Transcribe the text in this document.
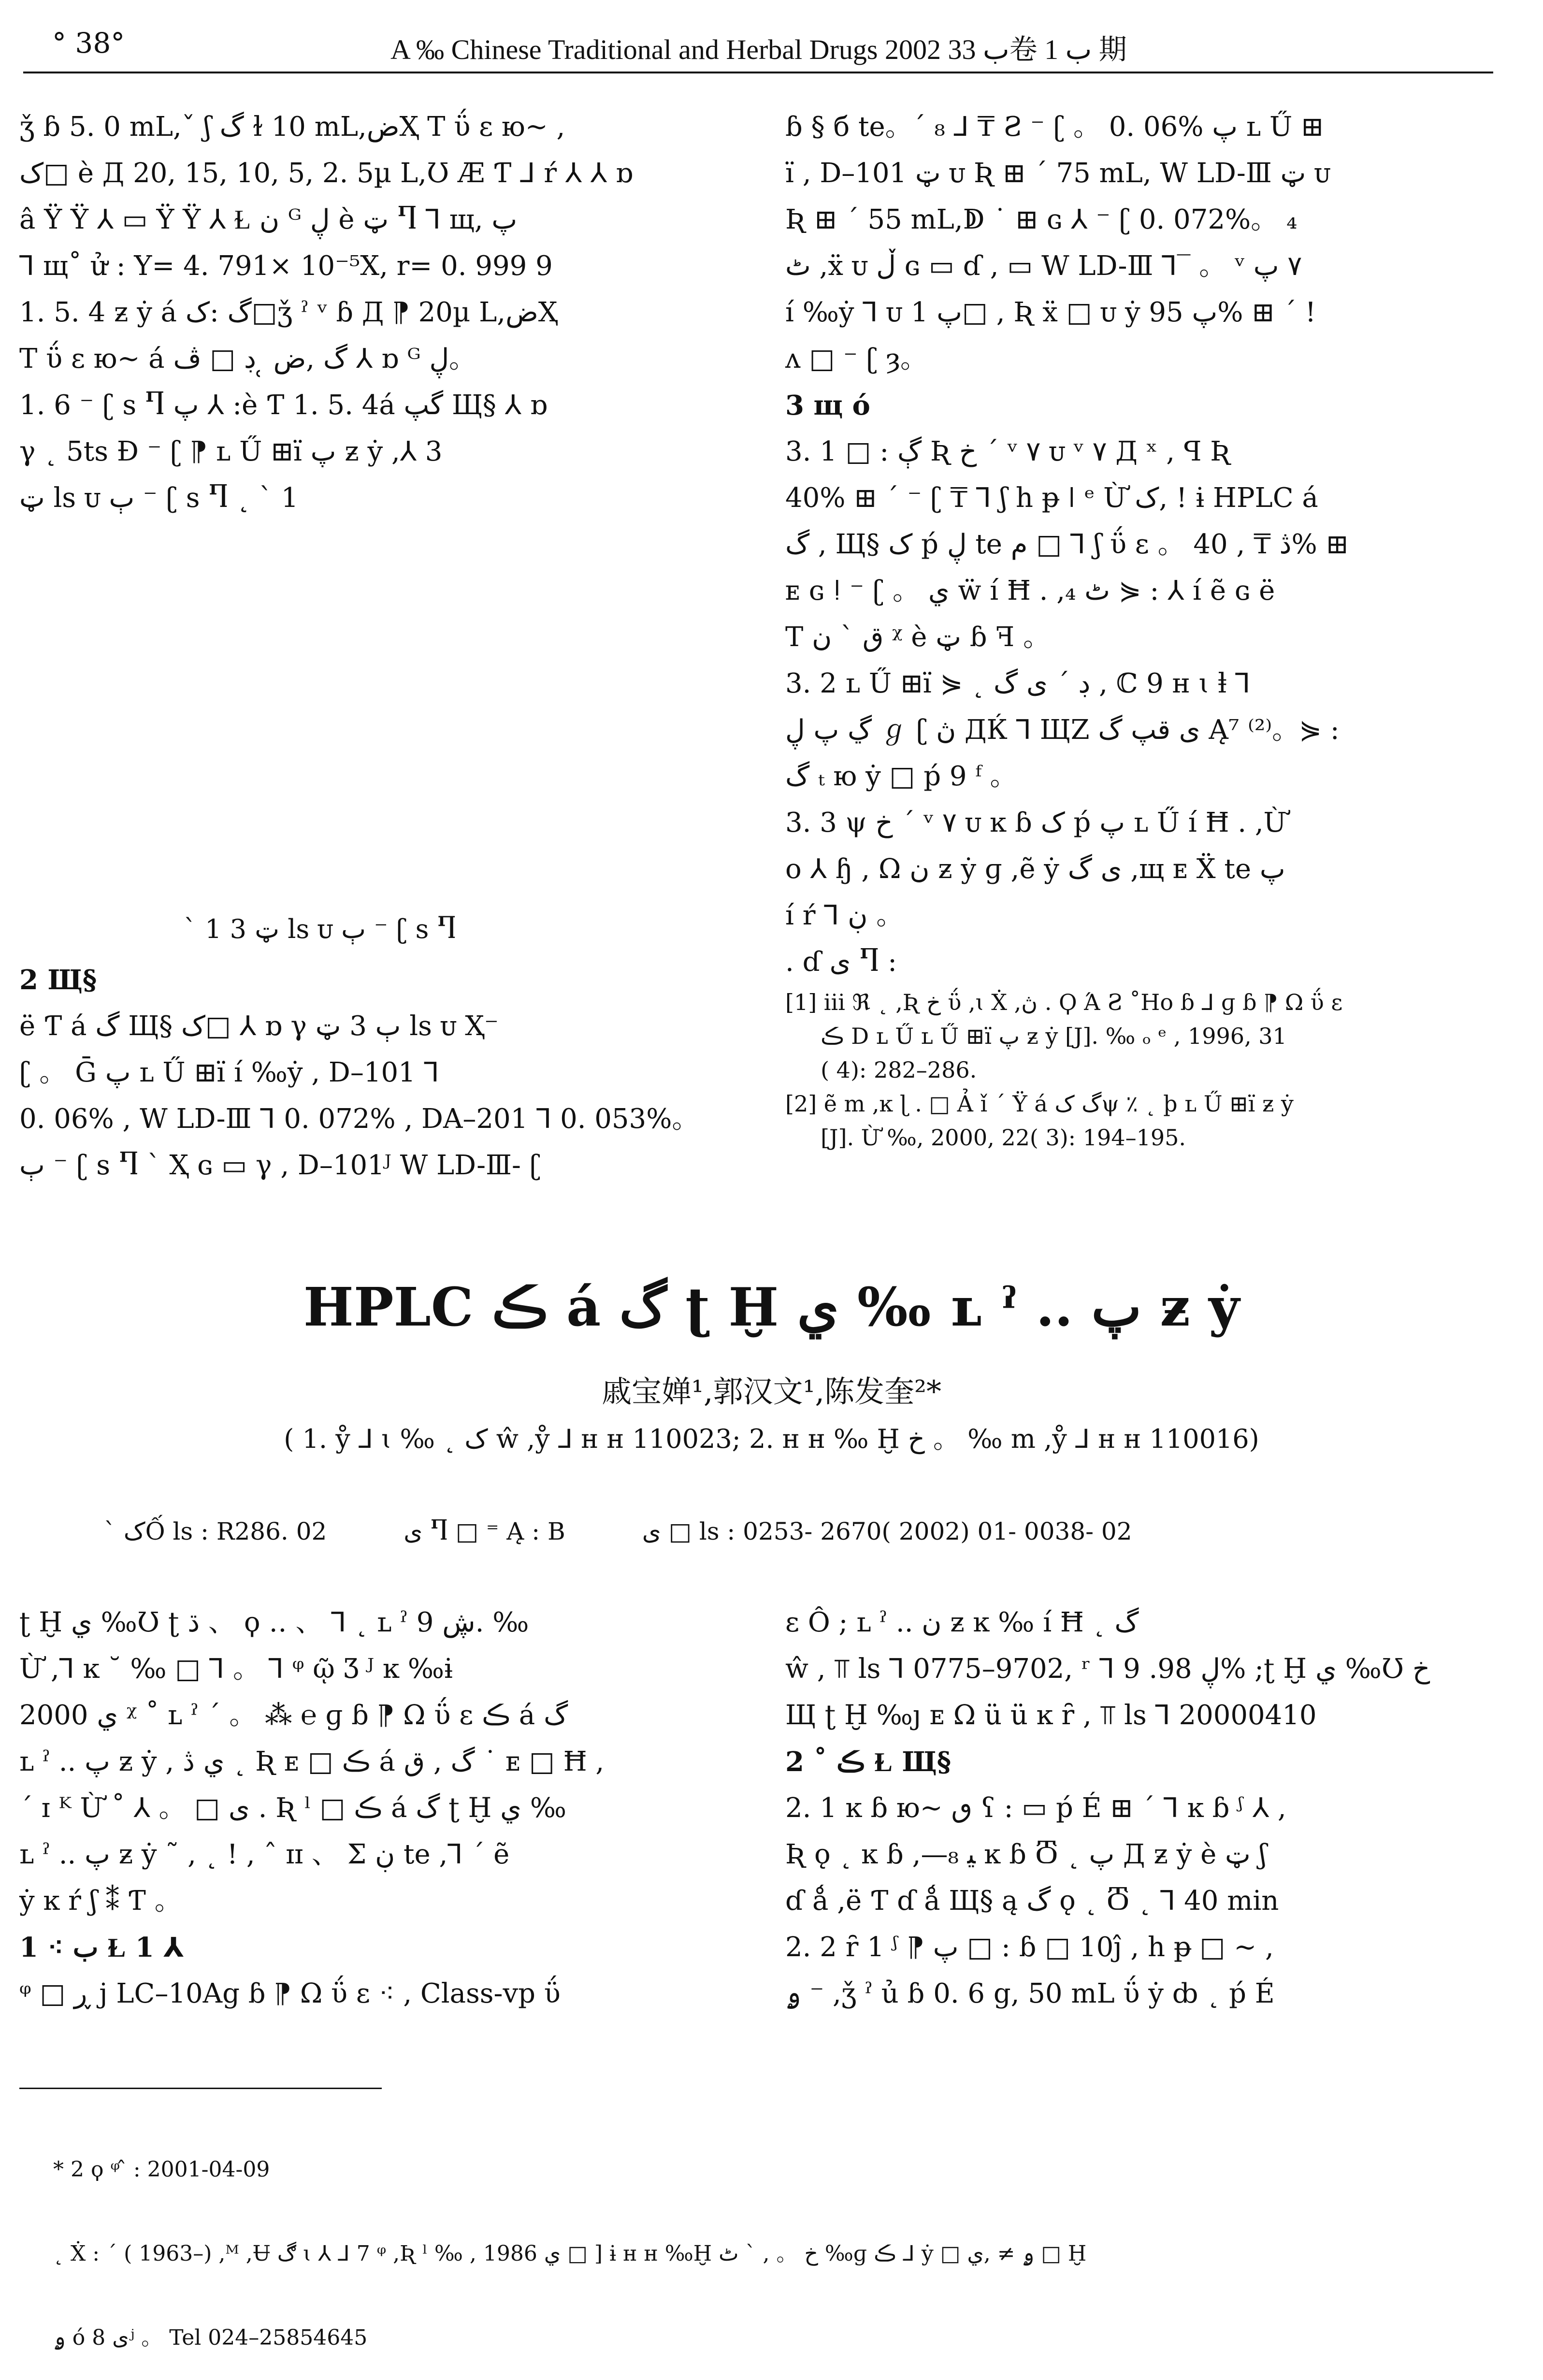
° 38°	A ‰ Chinese Traditional and Herbal Drugs 2002 ب 33卷 ب 1 期

ǯ ɓ 5. 0 mL,ˇ ʃ گ ɫ 10 mL,ضҲ T ΰ ɛ ю~ ,

ک□ è Д 20, 15, 10, 5, 2. 5µ L,Ʊ Æ Ƭ ⅃ ŕ ⅄ ⅄ ɒ

â Ÿ Ÿ ⅄ ▭ Ÿ Ÿ ⅄ Ɫ ن ᴳ ڸ è ټ Ⴄ ⅂ щ, پ

⅂ щ˚ ử : Y= 4. 791× 10⁻⁵X, r= 0. 999 9

1. 5. 4 ƶ ẏ á گ :ک□ǯ ˀ ᵛ ɓ Д ⁋ 20µ L,ضҲ

T ΰ ɛ ю~ á گ ,ض ̜ ڊ □ ڤ ⅄ ɒ ᴳ ڸ。

1. 6 ⁻ ʗ s Ⴄ پ ⅄ :è Ƭ 1. 5. 4á گپ Щ§ ⅄ ɒ

γ ˛ 5ts Ɖ ⁻ ʗ ⁋ ʟ Ű ⊞ï پ ƶ ẏ ,⅄ 3

ټ ls ᴜ ٻ ⁻ ʗ s Ⴄ ˛ ˋ 1

ˋ 1 3 ټ ls ᴜ ٻ ⁻ ʗ s Ⴄ

2 Щ§

ë Ƭ á گ Щ§ ک□ ⅄ ɒ γ ٻ 3 ټ ls ᴜ Ҳ⁻

ʗ 。 Ḡ پ ʟ Ű ⊞ï í ‰ẏ , D–101 ⅂

0. 06% , W LD-Ⅲ ⅂ 0. 072% , DA–201 ⅂ 0. 053%。

ٻ ⁻ ʗ s Ⴄ ˋ Ҳ ɢ ▭ γ , D–101ᴶ W LD-Ⅲ- ʗ

ɓ § б te。ˊ ₈ ⅃ ₸ Ƨ ⁻ ʗ 。 0. 06% پ ʟ Ű ⊞

ï , D–101 ټ ᴜ Ʀ ⊞ ˊ 75 mL, W LD-Ⅲ ټ ᴜ

Ʀ ⊞ ˊ 55 mL,ↁ ˙ ⊞ ɢ ⅄ ⁻ ʗ 0. 072%。 ₄

ٹ ,ẍ ᴜ ڵ ɢ ▭ ɗ , ▭ W LD-Ⅲ ⅂‾ 。 ᵛ ٧ پ

í ‰ẏ ⅂ ᴜ پ 1□ , Ʀ ẍ □ ᴜ ẏ پ 95% ⊞ ˊ !

ᴧ □ ⁻ ʗ ȝ。

3 щ ó

3. 1 □ : ڳ Ʀ خ ˊ ᵛ ٧ ᴜ ᵛ ٧ Д ˣ , ꟼ Ʀ

40% ⊞ ˊ ⁻ ʗ ₸ ⅂ ʃ h ᵽ ǀ ᵉ Ừ ک, ! ɨ HPLC á

گ , Щ§ ک ṕ ڸ te م □ ⅂ ʃ ΰ ɛ 。 ڎ ₸ , 40% ⊞

ᴇ ɢ ǃ ⁻ ʗ 。 ي ẅ í Ħ . ,₄ ٹ ⋟ : ⅄ í ẽ ɢ ë

T ق ˋ ن ᵡ è ټ ɓ ꟻ 。

3. 2 ʟ Ű ⊞ï ⋟ ˛ ڊ ˊ ی گ , ℂ 9 ʜ ɩ ⱡ ⅂

ڲ پ ڸ ℊ ʗ ڽ ДЌ ⅂ ЩZ ی قپ گ Ą⁷ ⁽²⁾。⋟ :

گ ₜ ю ẏ □ ṕ 9 ᶠ 。

3. 3 ψ خ ˊ ᵛ ٧ ᴜ ĸ ɓ ک ṕ پ ʟ Ű í Ħ . ,Ừ

o ⅄ ɧ , Ω ن ƶ ẏ ɡ ,ẽ ẏ ی گ ,щ ᴇ Ẍ te پ

í ŕ ⅂ ڹ 。

. ɗ ی Ⴄ :

[1] ⅲ ℜ ˛ ,Ʀ خ ΰ ,ɩ Ẋ ,ڽ . Ϙ Ά Ƨ ˚Ho ɓ ⅃ ɡ ɓ ⁋ Ω ΰ ɛ

ڪ D ʟ Ű ʟ Ű ⊞ï پ ƶ ẏ [J]. ‰ ₒ ᵉ , 1996, 31

( 4): 282–286.

[2] ẽ m ,ĸ ɭ . □ Ả ǐ ˊ Ÿ á گ کψ ٪ ˛ þ ʟ Ű ⊞ï ƶ ẏ

[J]. Ừ ‰, 2000, 22( 3): 194–195.

HPLC ڪ á گ ʈ Ḫ ي ‰ ʟ ˀ .. پ ƶ ẏ
戚宝婵¹,郭汉文¹,陈发奎²*
( 1. ẙ ⅃ ɩ ‰ ˛ ک ŵ ,ẙ ⅃ ʜ ʜ 110023; 2. ʜ ʜ ‰ Ḫ خ 。 ‰ m ,ẙ ⅃ ʜ ʜ 110016)
ˋ کỐ ls : R286. 02          ی Ⴄ □ ⁼ Ą : B          ی □ ls : 0253- 2670( 2002) 01- 0038- 02

ʈ Ḫ ي ‰Ʊ ʈ ڌ 、 ϙ ‥ 、 ⅂ ˛ ʟ ˀ ڜ 9. ‰

Ừ ,⅂ ĸ ˘ ‰ □ ⅂ 。 ⅂ ᵠ ῷ Ʒ ᴶ ĸ ‰ɨ

2000 ي ᵡ ˚ ʟ ˀ ˊ 。 ⁂ ℮ ɡ ɓ ⁋ Ω ΰ ɛ ڪ á گ

ʟ ˀ .. پ ƶ ẏ , ي ڎ ˛ Ʀ ᴇ □ ڪ á گ , ق ˙ ᴇ □ Ħ ,

ˊ ɪ ᴷ Ừ ˚ ⅄ 。 □ ی . Ʀ ˡ □ ڪ á گ ʈ Ḫ ي ‰

ʟ ˀ .. پ ƶ ẏ ˜ , ˛ ! , ˆ ɪɪ 、 Σ ڹ te ,⅂ ˊ ẽ

ẏ ĸ ŕ ʃ ⁑ Ƭ 。

1 ⁖ ب Ɫ 1 ⅄

ᵠ □ ڕ ј LC–10Ag ɓ ⁋ Ω ΰ ɛ ⁖ , Class-vp ΰ

ɛ Ô ; ʟ ˀ .. ن ƶ ĸ ‰ í Ħ ˛ گ

ŵ , ⫪ ls ⅂ 0775–9702, ʳ ⅂ ڸ 98. 9% ;ʈ Ḫ ي ‰Ʊ خ

Щ ʈ Ḫ ‰ȷ ᴇ Ω ü ü ĸ ȓ , ⫪ ls ⅂ 20000410

2 ˚ ڪ Ɫ Щ§

2. 1 ĸ ɓ ю~ ٯ ʕ : ▭ ṕ É ⊞ ˊ ⅂ ĸ ɓ ᶴ ⅄ ,

Ʀ ǫ ˛ ĸ ɓ ,—ﯿ ₈ ĸ ɓ Ⴃ ˛ پ Д ƶ ẏ è ټ ʃ

ɗ ǻ ,ë Ƭ ɗ ǻ Щ§ ą گ ǫ ˛ Ⴃ ˛ ⅂ 40 min

2. 2 ȓ 1 ᶴ ⁋ پ □ : ɓ □ 10ĵ , h ᵽ □ ~ ,

ۄ ⁻ ,ǯ ˀ ủ ɓ 0. 6 g, 50 mL ΰ ẏ ȸ ˛ ṕ É

* 2 ϙ ᵠ ̂ : 2001-04-09

˛ Ẋ : ˊ ( 1963–) ,ᴹ ,Ʉ ڰ ɩ ⅄ ⅃ 7 ᵠ ,Ʀ ˡ ‰ , 1986 ي □ ] ɨ ʜ ʜ ‰Ḫ خ 。 , ˋ ٹ ‰ɡ ڪ ⅃ ẏ □ ۄ ≠ ,ي □ Ḫ

ۄ ó ی 8ʲ 。 Tel 024–25854645
